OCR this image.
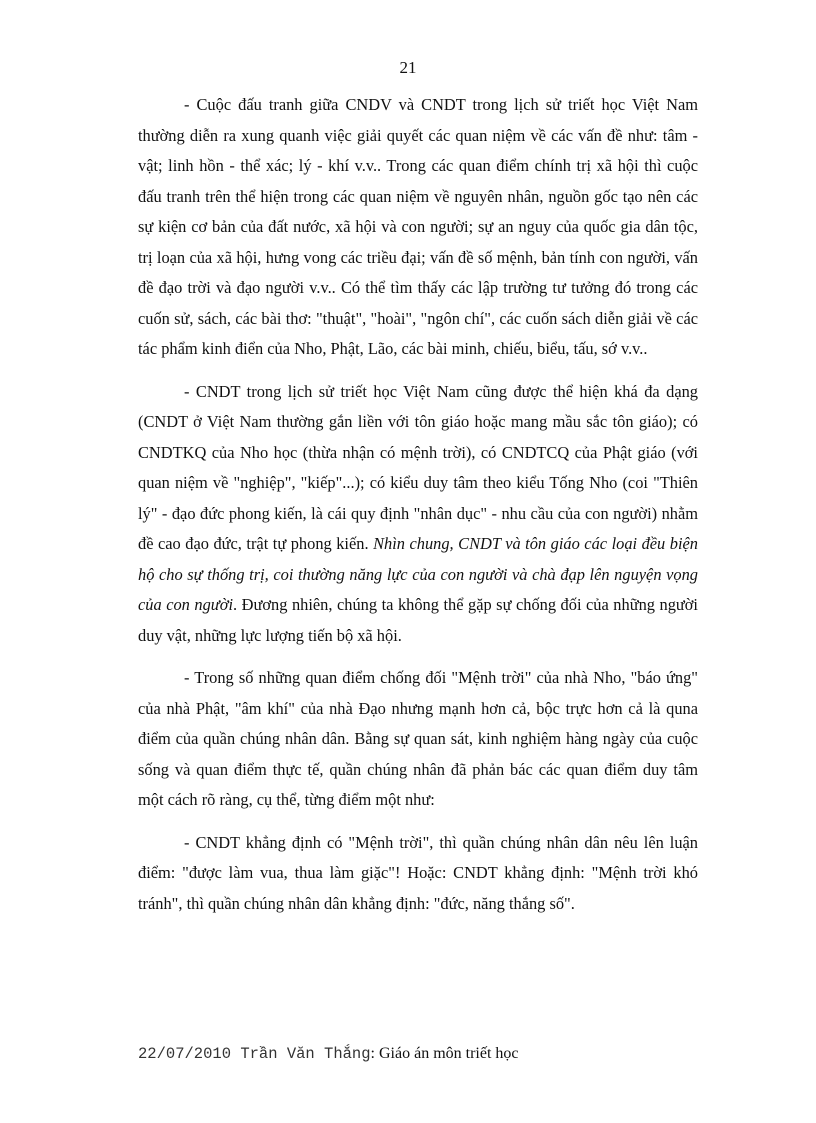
21

- Cuộc đấu tranh giữa CNDV và CNDT trong lịch sử triết học Việt Nam thường diễn ra xung quanh việc giải quyết các quan niệm về các vấn đề như: tâm - vật; linh hồn - thể xác; lý - khí v.v.. Trong các quan điểm chính trị xã hội thì cuộc đấu tranh trên thể hiện trong các quan niệm về nguyên nhân, nguồn gốc tạo nên các sự kiện cơ bản của đất nước, xã hội và con người; sự an nguy của quốc gia dân tộc, trị loạn của xã hội, hưng vong các triều đại; vấn đề số mệnh, bản tính con người, vấn đề đạo trời và đạo người v.v.. Có thể tìm thấy các lập trường tư tưởng đó trong các cuốn sử, sách, các bài thơ: "thuật", "hoài", "ngôn chí", các cuốn sách diễn giải về các tác phẩm kinh điển của Nho, Phật, Lão, các bài minh, chiếu, biểu, tấu, sớ v.v..

- CNDT trong lịch sử triết học Việt Nam cũng được thể hiện khá đa dạng (CNDT ở Việt Nam thường gắn liền với tôn giáo hoặc mang mầu sắc tôn giáo); có CNDTKQ của Nho học (thừa nhận có mệnh trời), có CNDTCQ của Phật giáo (với quan niệm về "nghiệp", "kiếp"...); có kiểu duy tâm theo kiểu Tống Nho (coi "Thiên lý" - đạo đức phong kiến, là cái quy định "nhân dục" - nhu cầu của con người) nhằm đề cao đạo đức, trật tự phong kiến. Nhìn chung, CNDT và tôn giáo các loại đều biện hộ cho sự thống trị, coi thường năng lực của con người và chà đạp lên nguyện vọng của con người. Đương nhiên, chúng ta không thể gặp sự chống đối của những người duy vật, những lực lượng tiến bộ xã hội.

- Trong số những quan điểm chống đối "Mệnh trời" của nhà Nho, "báo ứng" của nhà Phật, "âm khí" của nhà Đạo nhưng mạnh hơn cả, bộc trực hơn cả là quna điểm của quần chúng nhân dân. Bằng sự quan sát, kinh nghiệm hàng ngày của cuộc sống và quan điểm thực tế, quần chúng nhân đã phản bác các quan điểm duy tâm một cách rõ ràng, cụ thể, từng điểm một như:

- CNDT khẳng định có "Mệnh trời", thì quần chúng nhân dân nêu lên luận điểm: "được làm vua, thua làm giặc"! Hoặc: CNDT khẳng định: "Mệnh trời khó tránh", thì quần chúng nhân dân khẳng định: "đức, năng thắng số".

22/07/2010 Trần Văn Thắng: Giáo án môn triết học
